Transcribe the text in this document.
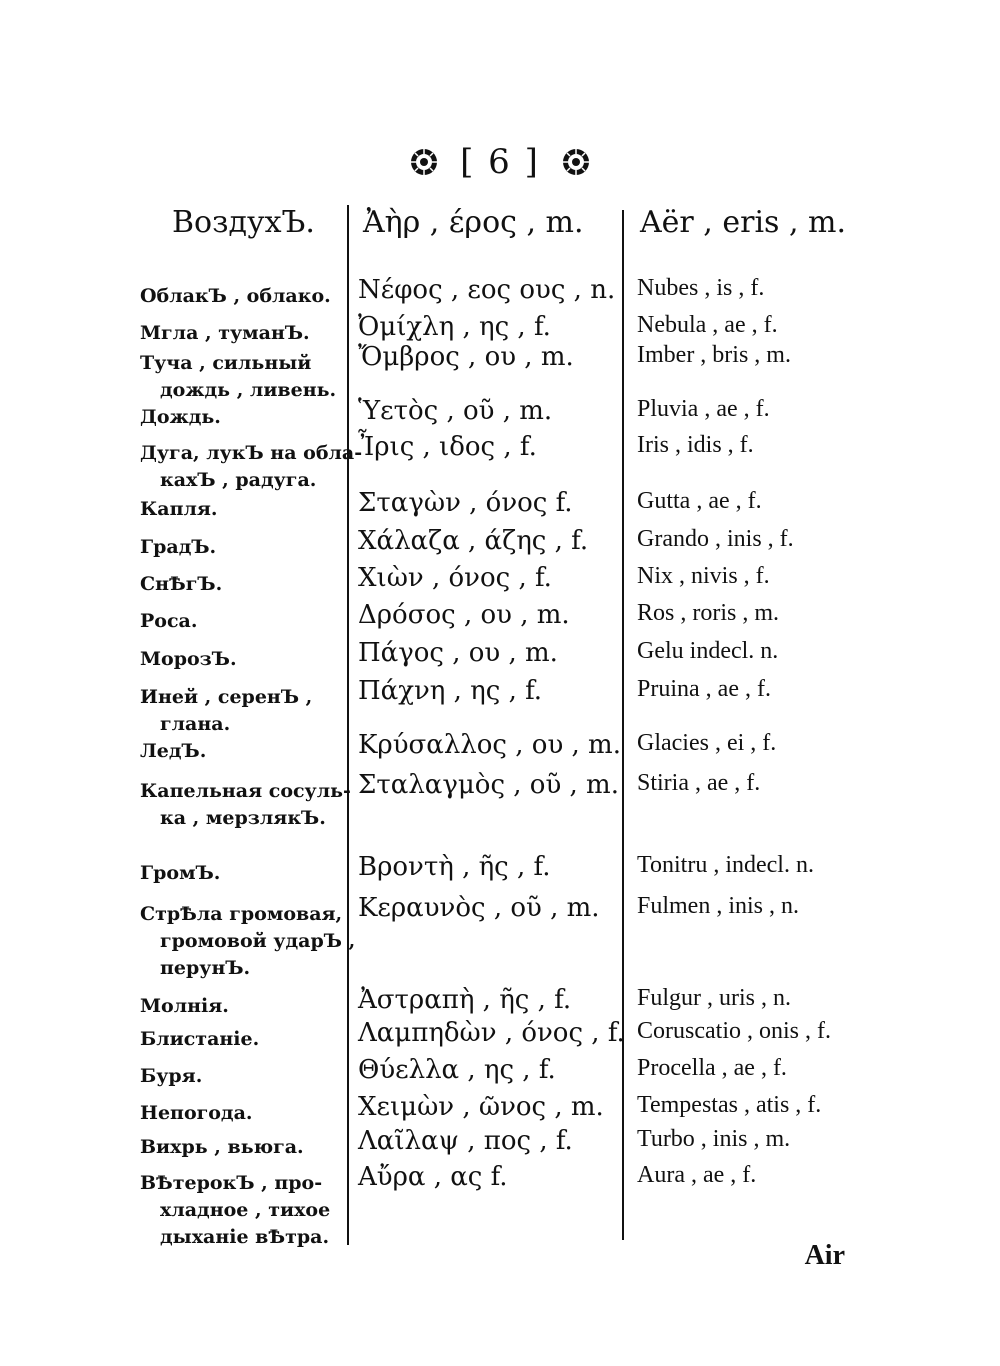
[ 6 ]
ВоздухЪ. Ἀὴρ , έρος , m. Aër , eris , m.
ОблакЪ , облако.
Мгла , туманЪ.
Туча , сильный
дождь , ливень.
Дождь.
Дуга, лукЪ на обла-
кахЪ , радуга.
Капля.
ГрадЪ.
СнѢгЪ.
Роса.
МорозЪ.
Иней , серенЪ ,
глана.
ЛедЪ.
Капельная сосуль-
ка , мерзлякЪ.
ГромЪ.
СтрѢла громовая,
громовой ударЪ ,
перунЪ.
Молнія.
Блистаніе.
Буря.
Непогода.
Вихрь , вьюга.
ВѢтерокЪ , про-
хладное , тихое
дыханіе вѢтра.
Νέφος , εος ους , n.
Ὀμίχλη , ης , f.
Ὄμβρος , ου , m.
Ὑετὸς , οῦ , m.
Ἶρις , ιδος , f.
Σταγὼν , όνος f.
Χάλαζα , άζης , f.
Χιὼν , όνος , f.
Δρόσος , ου , m.
Πάγος , ου , m.
Πάχνη , ης , f.
Κρύσαλλος , ου , m.
Σταλαγμὸς , οῦ , m.
Βροντὴ , ῆς , f.
Κεραυνὸς , οῦ , m.
Ἀστραπὴ , ῆς , f.
Λαμπηδὼν , όνος , f.
Θύελλα , ης , f.
Χειμὼν , ῶνος , m.
Λαῖλαψ , πος , f.
Αὔρα , ας f.
Nubes , is , f.
Nebula , ae , f.
Imber , bris , m.
Pluvia , ae , f.
Iris , idis , f.
Gutta , ae , f.
Grando , inis , f.
Nix , nivis , f.
Ros , roris , m.
Gelu indecl. n.
Pruina , ae , f.
Glacies , ei , f.
Stiria , ae , f.
Tonitru , indecl. n.
Fulmen , inis , n.
Fulgur , uris , n.
Coruscatio , onis , f.
Procella , ae , f.
Tempestas , atis , f.
Turbo , inis , m.
Aura , ae , f.
Air
